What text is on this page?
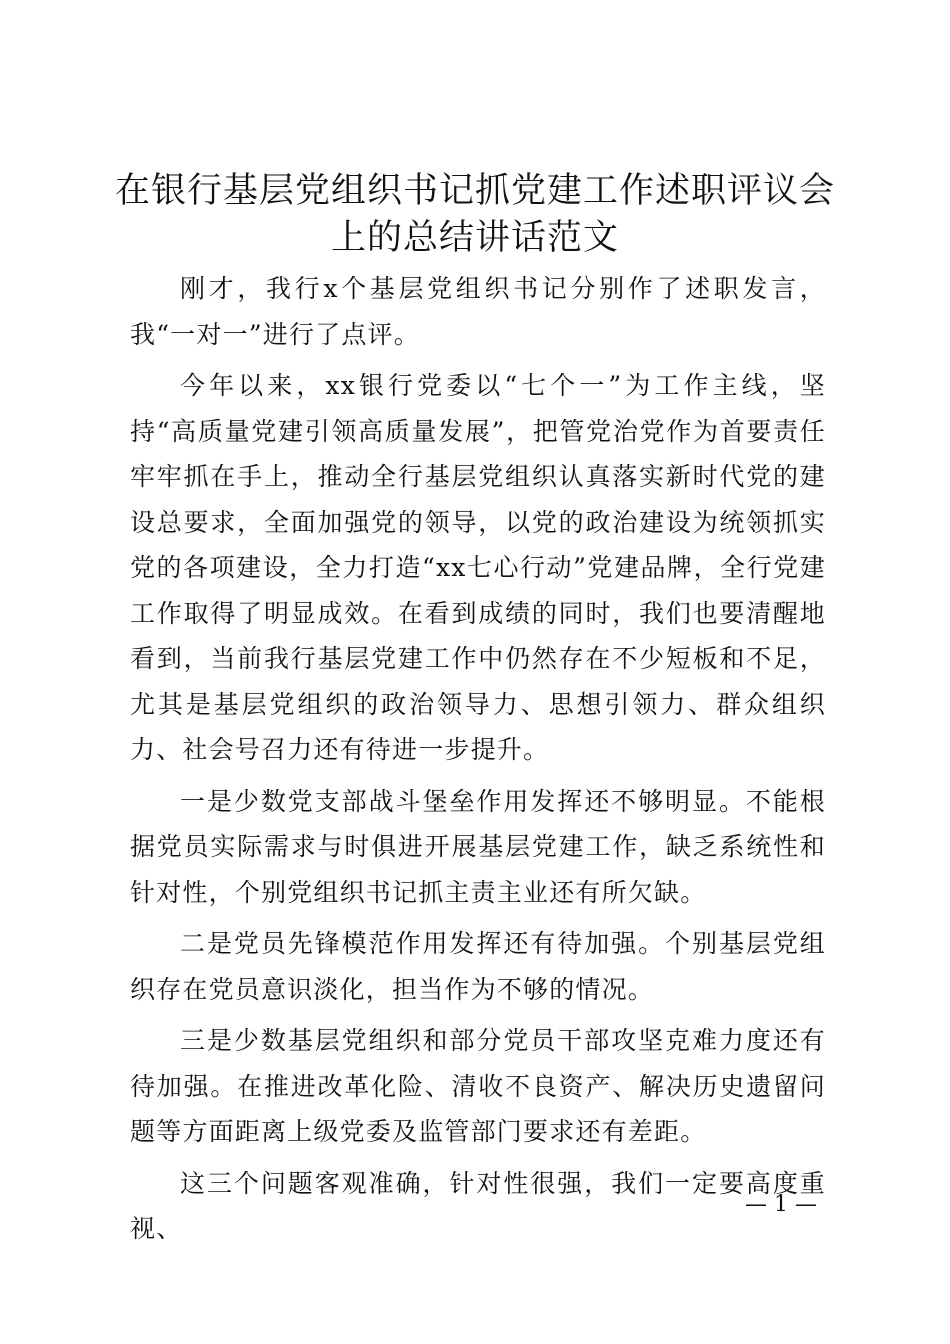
在银行基层党组织书记抓党建工作述职评议会
上的总结讲话范文

刚才，我行x个基层党组织书记分别作了述职发言，我“一对一”进行了点评。

今年以来，xx银行党委以“七个一”为工作主线，坚持“高质量党建引领高质量发展”，把管党治党作为首要责任牢牢抓在手上，推动全行基层党组织认真落实新时代党的建设总要求，全面加强党的领导，以党的政治建设为统领抓实党的各项建设，全力打造“xx七心行动”党建品牌，全行党建工作取得了明显成效。在看到成绩的同时，我们也要清醒地看到，当前我行基层党建工作中仍然存在不少短板和不足，尤其是基层党组织的政治领导力、思想引领力、群众组织力、社会号召力还有待进一步提升。

一是少数党支部战斗堡垒作用发挥还不够明显。不能根据党员实际需求与时俱进开展基层党建工作，缺乏系统性和针对性，个别党组织书记抓主责主业还有所欠缺。

二是党员先锋模范作用发挥还有待加强。个别基层党组织存在党员意识淡化，担当作为不够的情况。

三是少数基层党组织和部分党员干部攻坚克难力度还有待加强。在推进改革化险、清收不良资产、解决历史遗留问题等方面距离上级党委及监管部门要求还有差距。

这三个问题客观准确，针对性很强，我们一定要高度重视、

— 1 —
